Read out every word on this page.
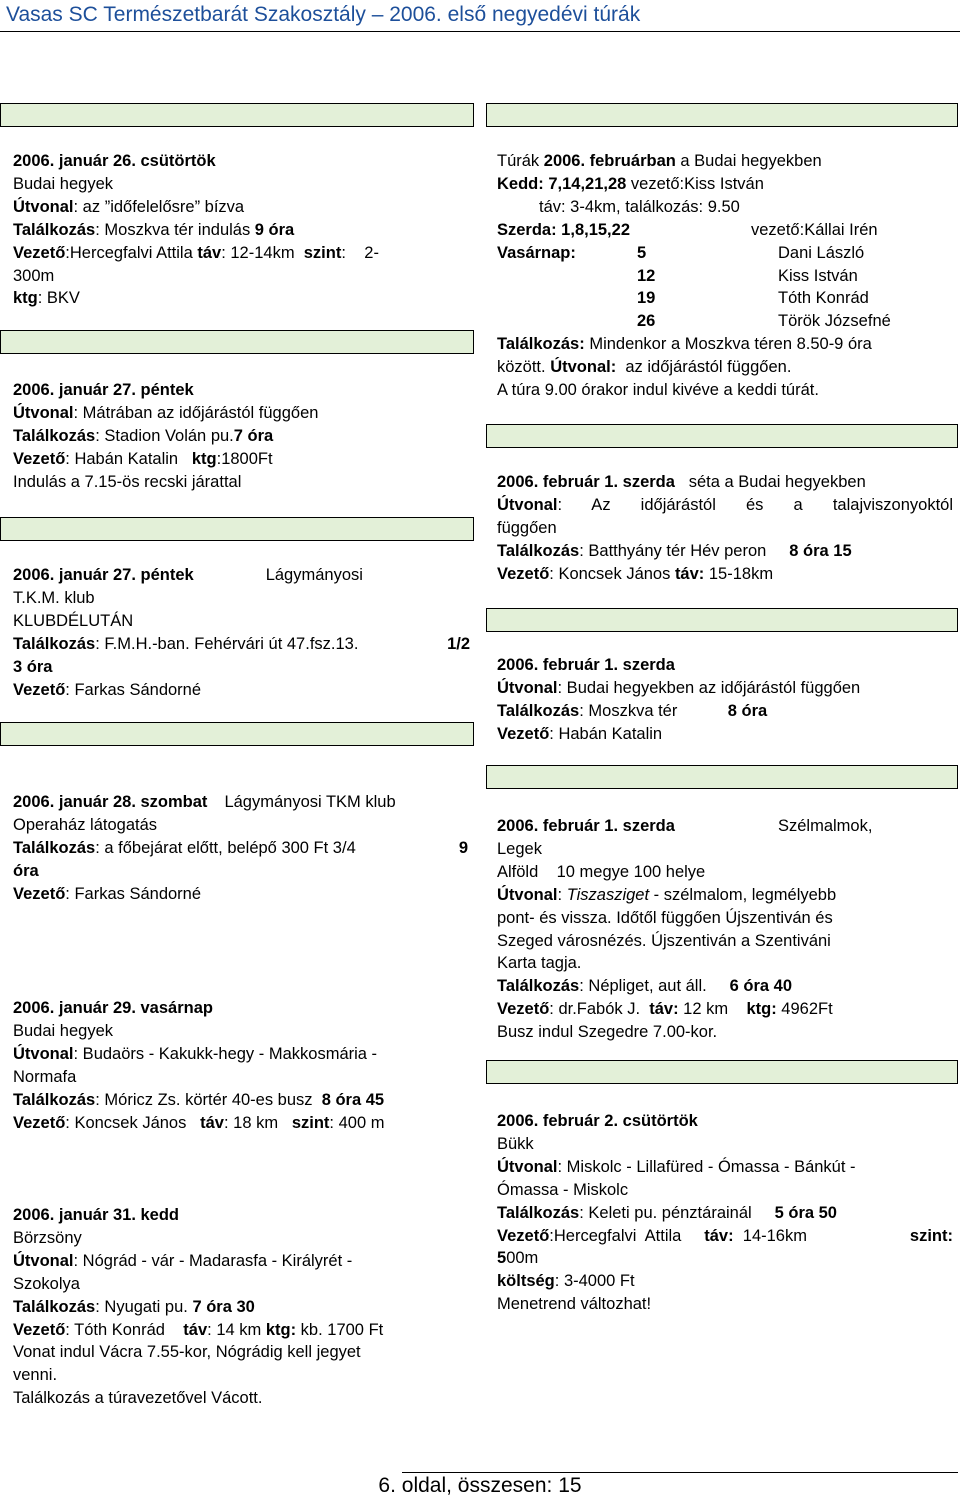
Vasas SC Természetbarát Szakosztály – 2006. első negyedévi túrák

2006. január 26. csütörtök

Budai hegyek

Útvonal: az ”időfelelősre” bízva

Találkozás: Moszkva tér indulás 9 óra

Vezető:Hercegfalvi Attila táv: 12-14km  szint:    2-

300m

ktg: BKV

2006. január 27. péntek

Útvonal: Mátrában az időjárástól függően

Találkozás: Stadion Volán pu.7 óra

Vezető: Habán Katalin   ktg:1800Ft

Indulás a 7.15-ös recski járattal

2006. január 27. péntek	Lágymányosi

T.K.M. klub

KLUBDÉLUTÁN

Találkozás: F.M.H.-ban. Fehérvári út 47.fsz.13.	1/2

3 óra

Vezető: Farkas Sándorné

2006. január 28. szombat Lágymányosi TKM klub

Operaház látogatás

Találkozás: a főbejárat előtt, belépő 300 Ft 3/4	9

óra

Vezető: Farkas Sándorné

2006. január 29. vasárnap

Budai hegyek

Útvonal: Budaörs - Kakukk-hegy - Makkosmária -

Normafa

Találkozás: Móricz Zs. körtér 40-es busz  8 óra 45

Vezető: Koncsek János   táv: 18 km   szint: 400 m

2006. január 31. kedd

Börzsöny

Útvonal: Nógrád - vár - Madarasfa - Királyrét -

Szokolya

Találkozás: Nyugati pu. 7 óra 30

Vezető: Tóth Konrád    táv: 14 km ktg: kb. 1700 Ft

Vonat indul Vácra 7.55-kor, Nógrádig kell jegyet

venni.

Találkozás a túravezetővel Vácott.

Túrák 2006. februárban a Budai hegyekben

Kedd: 7,14,21,28 vezető:Kiss István

táv: 3-4km, találkozás: 9.50

Szerda: 1,8,15,22	vezető:Kállai Irén

Vasárnap:	5	Dani László

12	Kiss István

19	Tóth Konrád

26	Török Józsefné

Találkozás: Mindenkor a Moszkva téren 8.50-9 óra

között. Útvonal:  az időjárástól függően.

A túra 9.00 órakor indul kivéve a keddi túrát.

2006. február 1. szerda   séta a Budai hegyekben

Útvonal : Az időjárástól és a talajviszonyoktól

függően

Találkozás: Batthyány tér Hév peron     8 óra 15

Vezető: Koncsek János táv: 15-18km

2006. február 1. szerda

Útvonal: Budai hegyekben az időjárástól függően

Találkozás: Moszkva tér           8 óra

Vezető: Habán Katalin

2006. február 1. szerda	Szélmalmok,

Legek

Alföld    10 megye 100 helye

Útvonal: Tiszasziget - szélmalom, legmélyebb

pont- és vissza. Időtől függően Újszentiván és

Szeged városnézés. Újszentiván a Szentiváni

Karta tagja.

Találkozás: Népliget, aut áll.     6 óra 40

Vezető: dr.Fabók J.  táv: 12 km    ktg: 4962Ft

Busz indul Szegedre 7.00-kor.

2006. február 2. csütörtök

Bükk

Útvonal: Miskolc - Lillafüred - Ómassa - Bánkút -

Ómassa - Miskolc

Találkozás: Keleti pu. pénztárainál     5 óra 50

Vezető:Hercegfalvi  Attila     táv:  14-16km	szint:

500m

költség: 3-4000 Ft

Menetrend változhat!

6. oldal, összesen: 15
